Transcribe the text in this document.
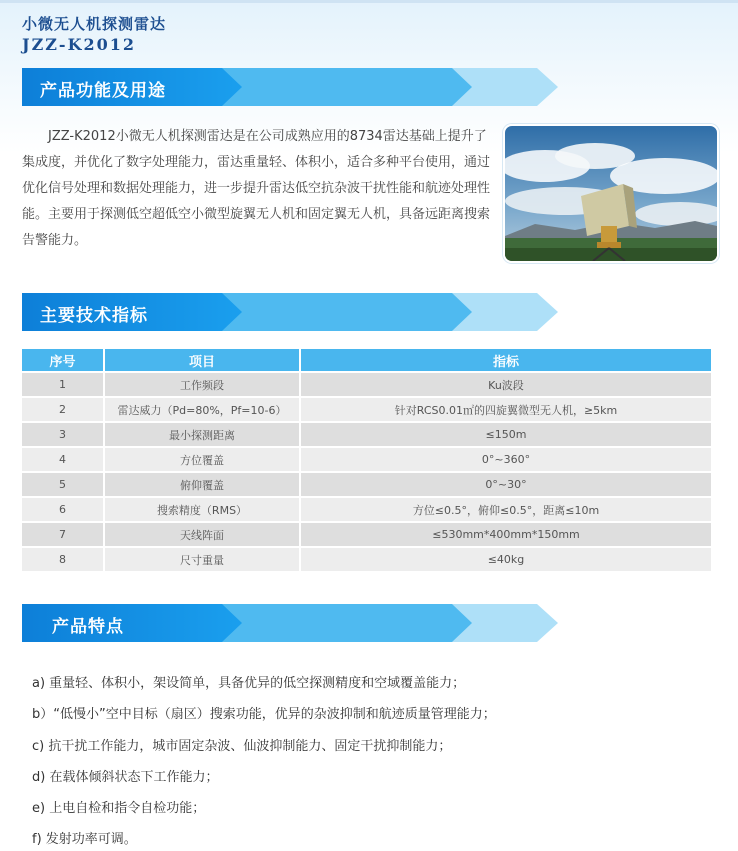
小微无人机探测雷达
JZZ-K2012
产品功能及用途
JZZ-K2012小微无人机探测雷达是在公司成熟应用的8734雷达基础上提升了集成度，并优化了数字处理能力，雷达重量轻、体积小，适合多种平台使用，通过优化信号处理和数据处理能力，进一步提升雷达低空抗杂波干扰性能和航迹处理性能。主要用于探测低空超低空小微型旋翼无人机和固定翼无人机，具备远距离搜索告警能力。
主要技术指标
序号	项目	指标
1	工作频段	Ku波段
2	雷达威力（Pd=80%，Pf=10-6）	针对RCS0.01㎡的四旋翼微型无人机，≥5km
3	最小探测距离	≤150m
4	方位覆盖	0°~360°
5	俯仰覆盖	0°~30°
6	搜索精度（RMS）	方位≤0.5°，俯仰≤0.5°，距离≤10m
7	天线阵面	≤530mm*400mm*150mm
8	尺寸重量	≤40kg
产品特点
a) 重量轻、体积小，架设简单，具备优异的低空探测精度和空域覆盖能力；
b）“低慢小”空中目标（扇区）搜索功能，优异的杂波抑制和航迹质量管理能力；
c) 抗干扰工作能力，城市固定杂波、仙波抑制能力、固定干扰抑制能力；
d) 在载体倾斜状态下工作能力；
e) 上电自检和指令自检功能；
f) 发射功率可调。
